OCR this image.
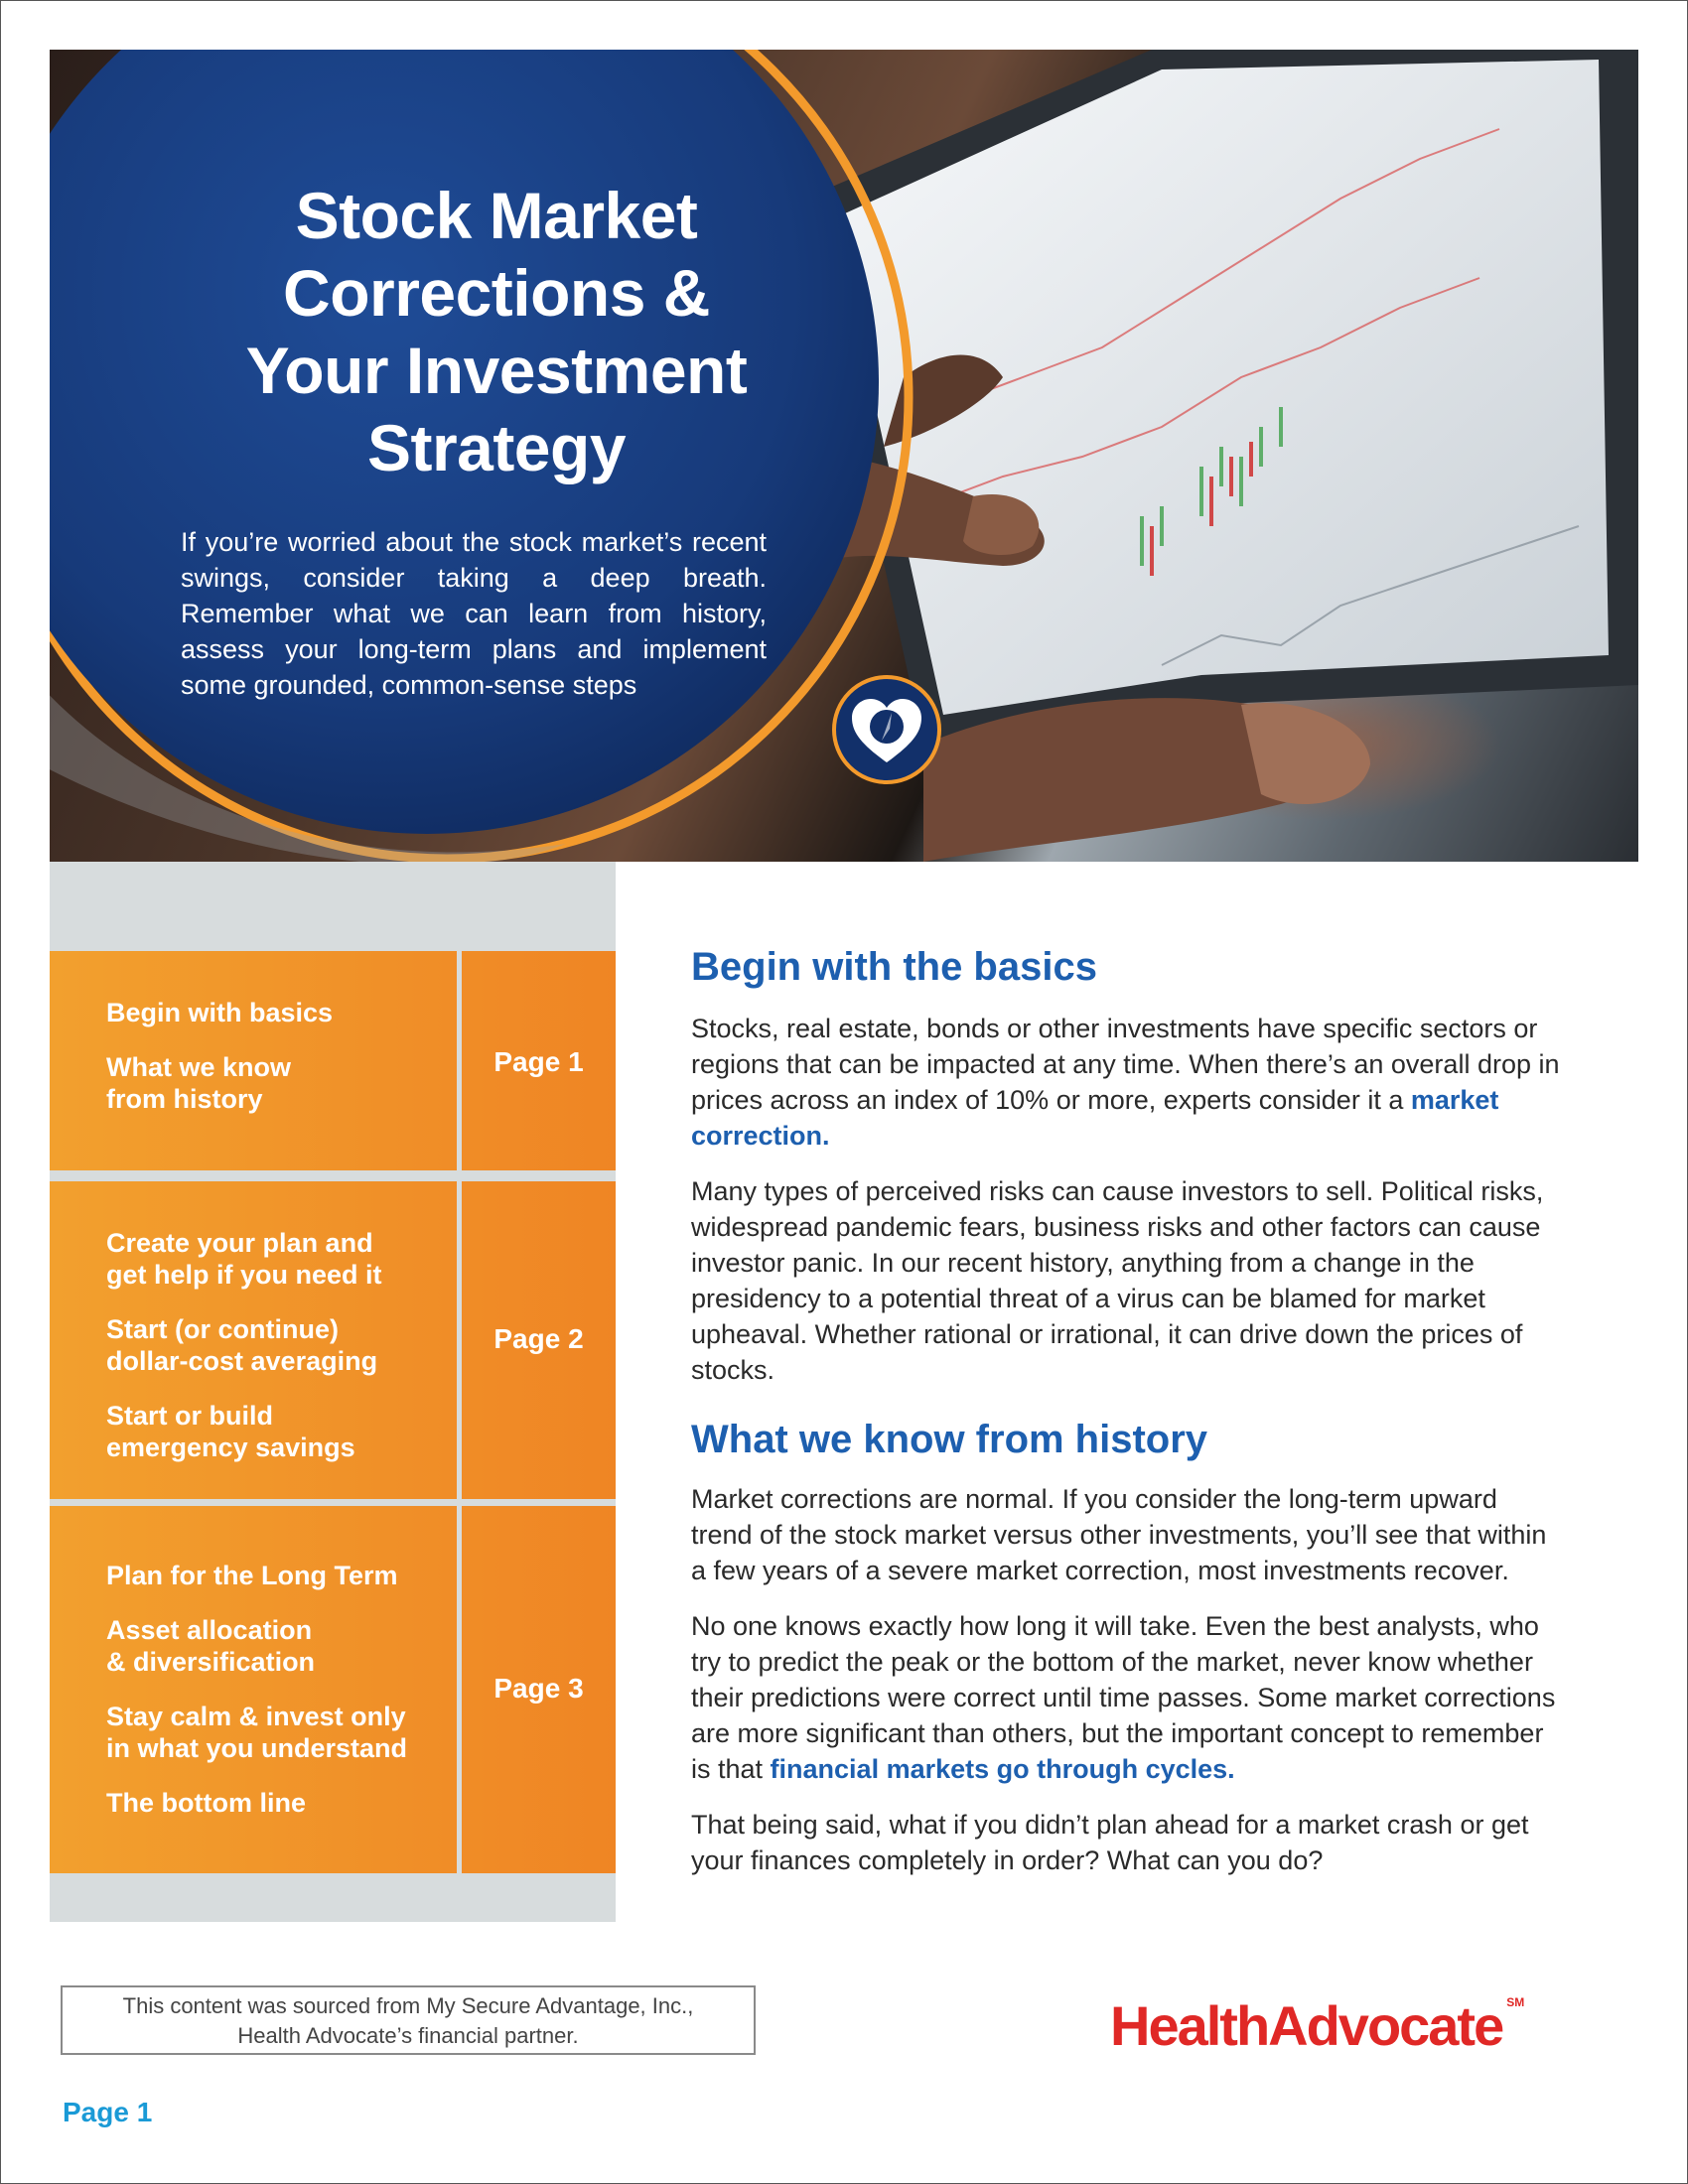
Stock Market
Corrections &
Your Investment
Strategy

If you’re worried about the stock market’s recent swings, consider taking a deep breath. Remember what we can learn from history, assess your long-term plans and implement some grounded, common-sense steps

Begin with basics

What we know from history

Page 1

Create your plan and get help if you need it

Start (or continue) dollar-cost averaging

Start or build emergency savings

Page 2

Plan for the Long Term

Asset allocation & diversification

Stay calm & invest only in what you understand

The bottom line

Page 3
Begin with the basics

Stocks, real estate, bonds or other investments have specific sectors or regions that can be impacted at any time. When there’s an overall drop in prices across an index of 10% or more, experts consider it a market correction.

Many types of perceived risks can cause investors to sell. Political risks, widespread pandemic fears, business risks and other factors can cause investor panic. In our recent history, anything from a change in the presidency to a potential threat of a virus can be blamed for market upheaval. Whether rational or irrational, it can drive down the prices of stocks.

What we know from history

Market corrections are normal. If you consider the long-term upward trend of the stock market versus other investments, you’ll see that within a few years of a severe market correction, most investments recover.

No one knows exactly how long it will take. Even the best analysts, who try to predict the peak or the bottom of the market, never know whether their predictions were correct until time passes. Some market corrections are more significant than others, but the important concept to remember is that financial markets go through cycles.

That being said, what if you didn’t plan ahead for a market crash or get your finances completely in order? What can you do?

This content was sourced from My Secure Advantage, Inc.,
Health Advocate’s financial partner.	HealthAdvocate ℠
Page 1
